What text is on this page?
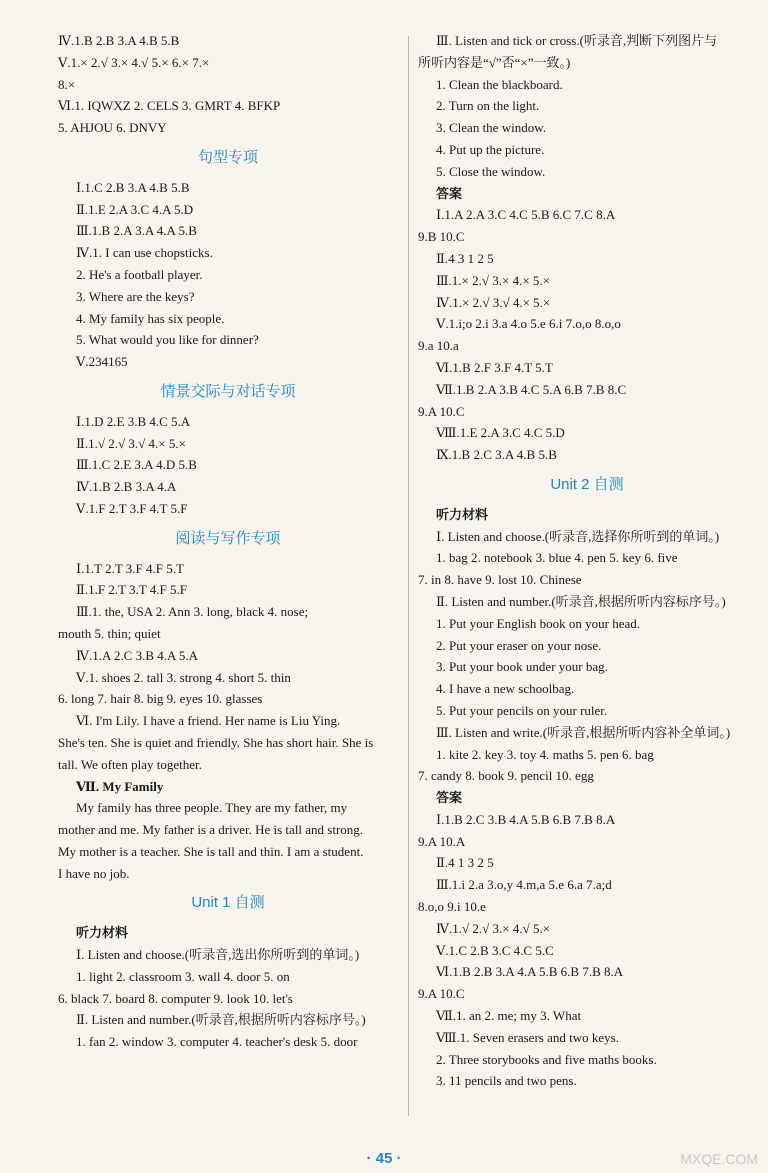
Ⅳ.1.B 2.B 3.A 4.B 5.B
Ⅴ.1.× 2.√ 3.× 4.√ 5.× 6.× 7.×
8.×
Ⅵ.1. IQWXZ 2. CELS 3. GMRT 4. BFKP
5. AHJOU 6. DNVY
句型专项
Ⅰ.1.C 2.B 3.A 4.B 5.B
Ⅱ.1.E 2.A 3.C 4.A 5.D
Ⅲ.1.B 2.A 3.A 4.A 5.B
Ⅳ.1. I can use chopsticks.
2. He's a football player.
3. Where are the keys?
4. My family has six people.
5. What would you like for dinner?
Ⅴ.234165
情景交际与对话专项
Ⅰ.1.D 2.E 3.B 4.C 5.A
Ⅱ.1.√ 2.√ 3.√ 4.× 5.×
Ⅲ.1.C 2.E 3.A 4.D 5.B
Ⅳ.1.B 2.B 3.A 4.A
Ⅴ.1.F 2.T 3.F 4.T 5.F
阅读与写作专项
Ⅰ.1.T 2.T 3.F 4.F 5.T
Ⅱ.1.F 2.T 3.T 4.F 5.F
Ⅲ.1. the, USA 2. Ann 3. long, black 4. nose;
mouth 5. thin; quiet
Ⅳ.1.A 2.C 3.B 4.A 5.A
Ⅴ.1. shoes 2. tall 3. strong 4. short 5. thin
6. long 7. hair 8. big 9. eyes 10. glasses
Ⅵ. I'm Lily. I have a friend. Her name is Liu Ying.
She's ten. She is quiet and friendly. She has short hair. She is
tall. We often play together.
Ⅶ. My Family
My family has three people. They are my father, my
mother and me. My father is a driver. He is tall and strong.
My mother is a teacher. She is tall and thin. I am a student.
I have no job.
Unit 1 自测
听力材料
Ⅰ. Listen and choose.(听录音,选出你所听到的单词。)
1. light 2. classroom 3. wall 4. door 5. on
6. black 7. board 8. computer 9. look 10. let's
Ⅱ. Listen and number.(听录音,根据所听内容标序号。)
1. fan 2. window 3. computer 4. teacher's desk 5. door
Ⅲ. Listen and tick or cross.(听录音,判断下列图片与
所听内容是“√”否“×”一致。)
1. Clean the blackboard.
2. Turn on the light.
3. Clean the window.
4. Put up the picture.
5. Close the window.
答案
Ⅰ.1.A 2.A 3.C 4.C 5.B 6.C 7.C 8.A
9.B 10.C
Ⅱ.4 3 1 2 5
Ⅲ.1.× 2.√ 3.× 4.× 5.×
Ⅳ.1.× 2.√ 3.√ 4.× 5.×
Ⅴ.1.i;o 2.i 3.a 4.o 5.e 6.i 7.o,o 8.o,o
9.a 10.a
Ⅵ.1.B 2.F 3.F 4.T 5.T
Ⅶ.1.B 2.A 3.B 4.C 5.A 6.B 7.B 8.C
9.A 10.C
Ⅷ.1.E 2.A 3.C 4.C 5.D
Ⅸ.1.B 2.C 3.A 4.B 5.B
Unit 2 自测
听力材料
Ⅰ. Listen and choose.(听录音,选择你所听到的单词。)
1. bag 2. notebook 3. blue 4. pen 5. key 6. five
7. in 8. have 9. lost 10. Chinese
Ⅱ. Listen and number.(听录音,根据所听内容标序号。)
1. Put your English book on your head.
2. Put your eraser on your nose.
3. Put your book under your bag.
4. I have a new schoolbag.
5. Put your pencils on your ruler.
Ⅲ. Listen and write.(听录音,根据所听内容补全单词。)
1. kite 2. key 3. toy 4. maths 5. pen 6. bag
7. candy 8. book 9. pencil 10. egg
答案
Ⅰ.1.B 2.C 3.B 4.A 5.B 6.B 7.B 8.A
9.A 10.A
Ⅱ.4 1 3 2 5
Ⅲ.1.i 2.a 3.o,y 4.m,a 5.e 6.a 7.a;d
8.o,o 9.i 10.e
Ⅳ.1.√ 2.√ 3.× 4.√ 5.×
Ⅴ.1.C 2.B 3.C 4.C 5.C
Ⅵ.1.B 2.B 3.A 4.A 5.B 6.B 7.B 8.A
9.A 10.C
Ⅶ.1. an 2. me; my 3. What
Ⅷ.1. Seven erasers and two keys.
2. Three storybooks and five maths books.
3. 11 pencils and two pens.
· 45 ·	MXQE.COM
